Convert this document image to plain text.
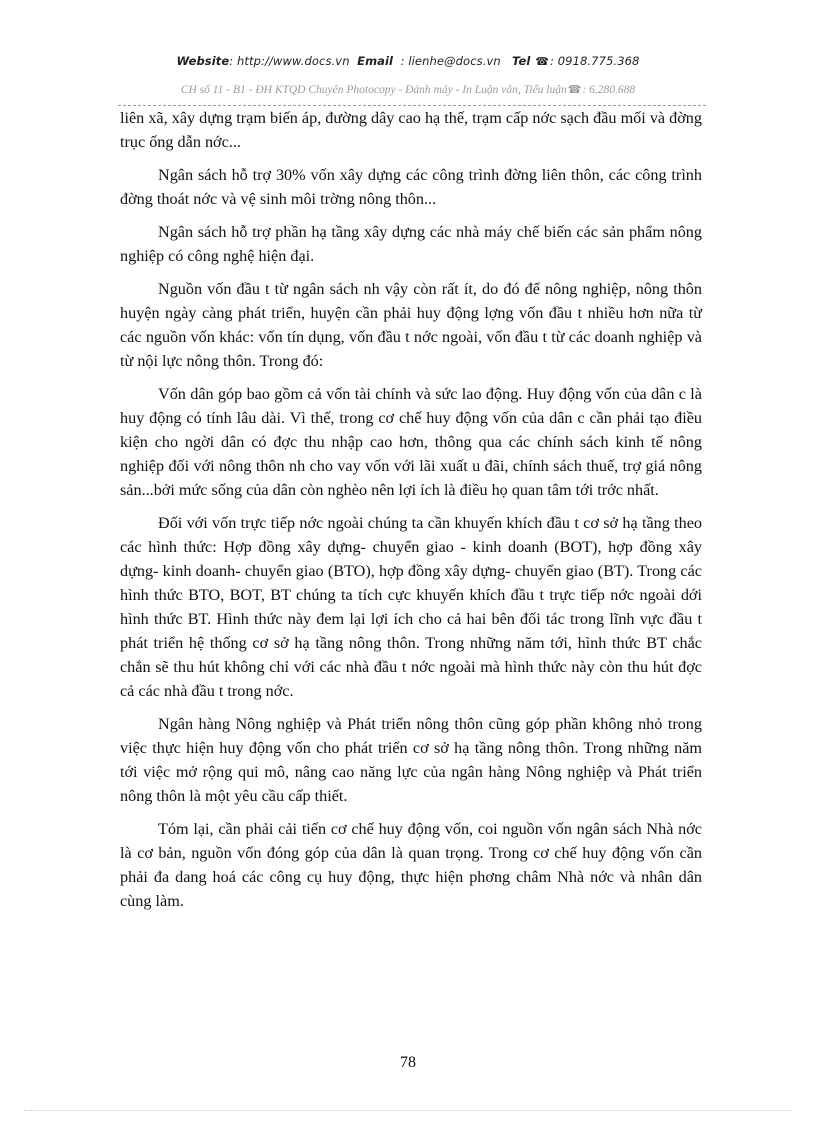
Website: http://www.docs.vn Email : lienhe@docs.vn Tel ☎: 0918.775.368
CH số 11 - B1 - ĐH KTQD Chuyên Photocopy - Đánh máy - In Luận văn, Tiểu luận☎: 6.280.688

liên xã, xây dựng trạm biến áp, đường dây cao hạ thế, trạm cấp nớc sạch đầu mối và đờng trục ống dẫn nớc...

Ngân sách hỗ trợ 30% vốn xây dựng các công trình đờng liên thôn, các công trình đờng thoát nớc và vệ sinh môi trờng nông thôn...

Ngân sách hỗ trợ phần hạ tầng xây dựng các nhà máy chế biến các sản phẩm nông nghiệp có công nghệ hiện đại.

Nguồn vốn đầu t từ ngân sách nh vậy còn rất ít, do đó để nông nghiệp, nông thôn huyện ngày càng phát triển, huyện cần phải huy động lợng vốn đầu t nhiều hơn nữa từ các nguồn vốn khác: vốn tín dụng, vốn đầu t nớc ngoài, vốn đầu t từ các doanh nghiệp và từ nội lực nông thôn. Trong đó:

Vốn dân góp bao gồm cả vốn tài chính và sức lao động. Huy động vốn của dân c là huy động có tính lâu dài. Vì thế, trong cơ chế huy động vốn của dân c cần phải tạo điều kiện cho ngời dân có đợc thu nhập cao hơn, thông qua các chính sách kinh tế nông nghiệp đối với nông thôn nh cho vay vốn với lãi xuất u đãi, chính sách thuế, trợ giá nông sản...bởi mức sống của dân còn nghèo nên lợi ích là điều họ quan tâm tới trớc nhất.

Đối với vốn trực tiếp nớc ngoài chúng ta cần khuyến khích đầu t cơ sở hạ tầng theo các hình thức: Hợp đồng xây dựng- chuyển giao - kinh doanh (BOT), hợp đồng xây dựng- kinh doanh- chuyển giao (BTO), hợp đồng xây dựng- chuyển giao (BT). Trong các hình thức BTO, BOT, BT chúng ta tích cực khuyến khích đầu t trực tiếp nớc ngoài dới hình thức BT. Hình thức này đem lại lợi ích cho cả hai bên đối tác trong lĩnh vực đầu t phát triển hệ thống cơ sở hạ tầng nông thôn. Trong những năm tới, hình thức BT chắc chắn sẽ thu hút không chỉ với các nhà đầu t nớc ngoài mà hình thức này còn thu hút đợc cả các nhà đầu t trong nớc.

Ngân hàng Nông nghiệp và Phát triển nông thôn cũng góp phần không nhỏ trong việc thực hiện huy động vốn cho phát triển cơ sở hạ tầng nông thôn. Trong những năm tới việc mở rộng qui mô, nâng cao năng lực của ngân hàng Nông nghiệp và Phát triển nông thôn là một yêu cầu cấp thiết.

Tóm lại, cần phải cải tiến cơ chế huy động vốn, coi nguồn vốn ngân sách Nhà nớc là cơ bản, nguồn vốn đóng góp của dân là quan trọng. Trong cơ chế huy động vốn cần phải đa dang hoá các công cụ huy động, thực hiện phơng châm Nhà nớc và nhân dân cùng làm.

78
